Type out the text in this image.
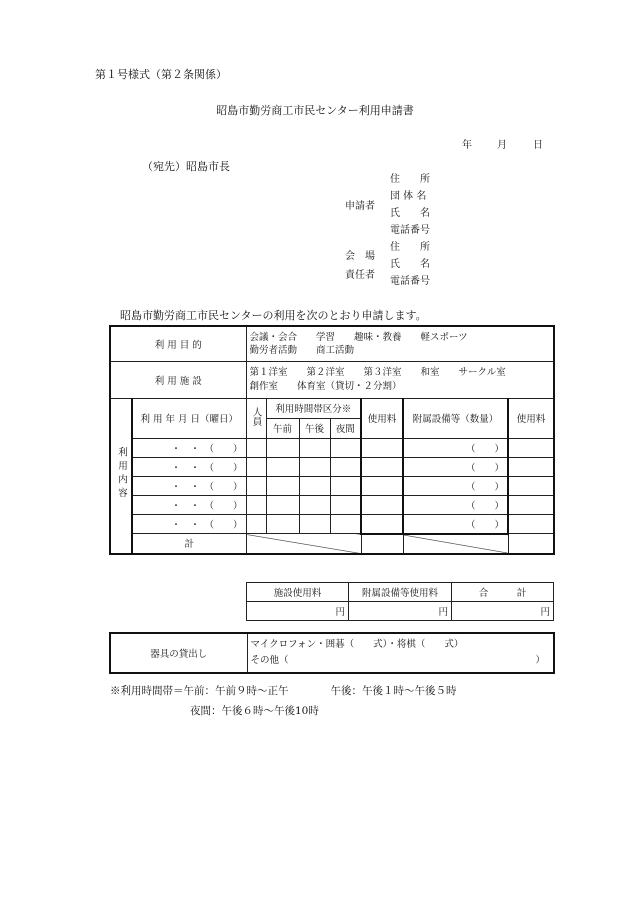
第１号様式（第２条関係）
昭島市勤労商工市民センター利用申請書
年	月	日
（宛先）昭島市長
申請者
住　　所
団 体 名
氏　　名
電話番号
会　場
責任者
住　　所
氏　　名
電話番号
昭島市勤労商工市民センターの利用を次のとおり申請します。
利 用 目 的		会議・会合　　学習　　趣味・教養　　軽スポーツ
勤労者活動　　商工活動						

利 用 施 設		第１洋室　　第２洋室　　第３洋室　　和室　　サークル室
創作室　　体育室（貸切・２分割）						

利用内容	利 用 年 月 日（曜日）	人員	利用時間帯区分※			使用料	附属設備等（数量）	使用料
			午前	午後	夜間			
	・　・　（　　）						（　　）	
	・　・　（　　）						（　　）	
	・　・　（　　）						（　　）	
	・　・　（　　）						（　　）	
	・　・　（　　）						（　　）	
	計							
施設使用料	附属設備等使用料	合　　　計
円	円	円
器具の貸出し	
マイクロフォン・囲碁（　　式）・将棋（　　式）
その他（	）
※利用時間帯＝午前：午前９時～正午　　　　午後：午後１時～午後５時
夜間：午後６時～午後10時
